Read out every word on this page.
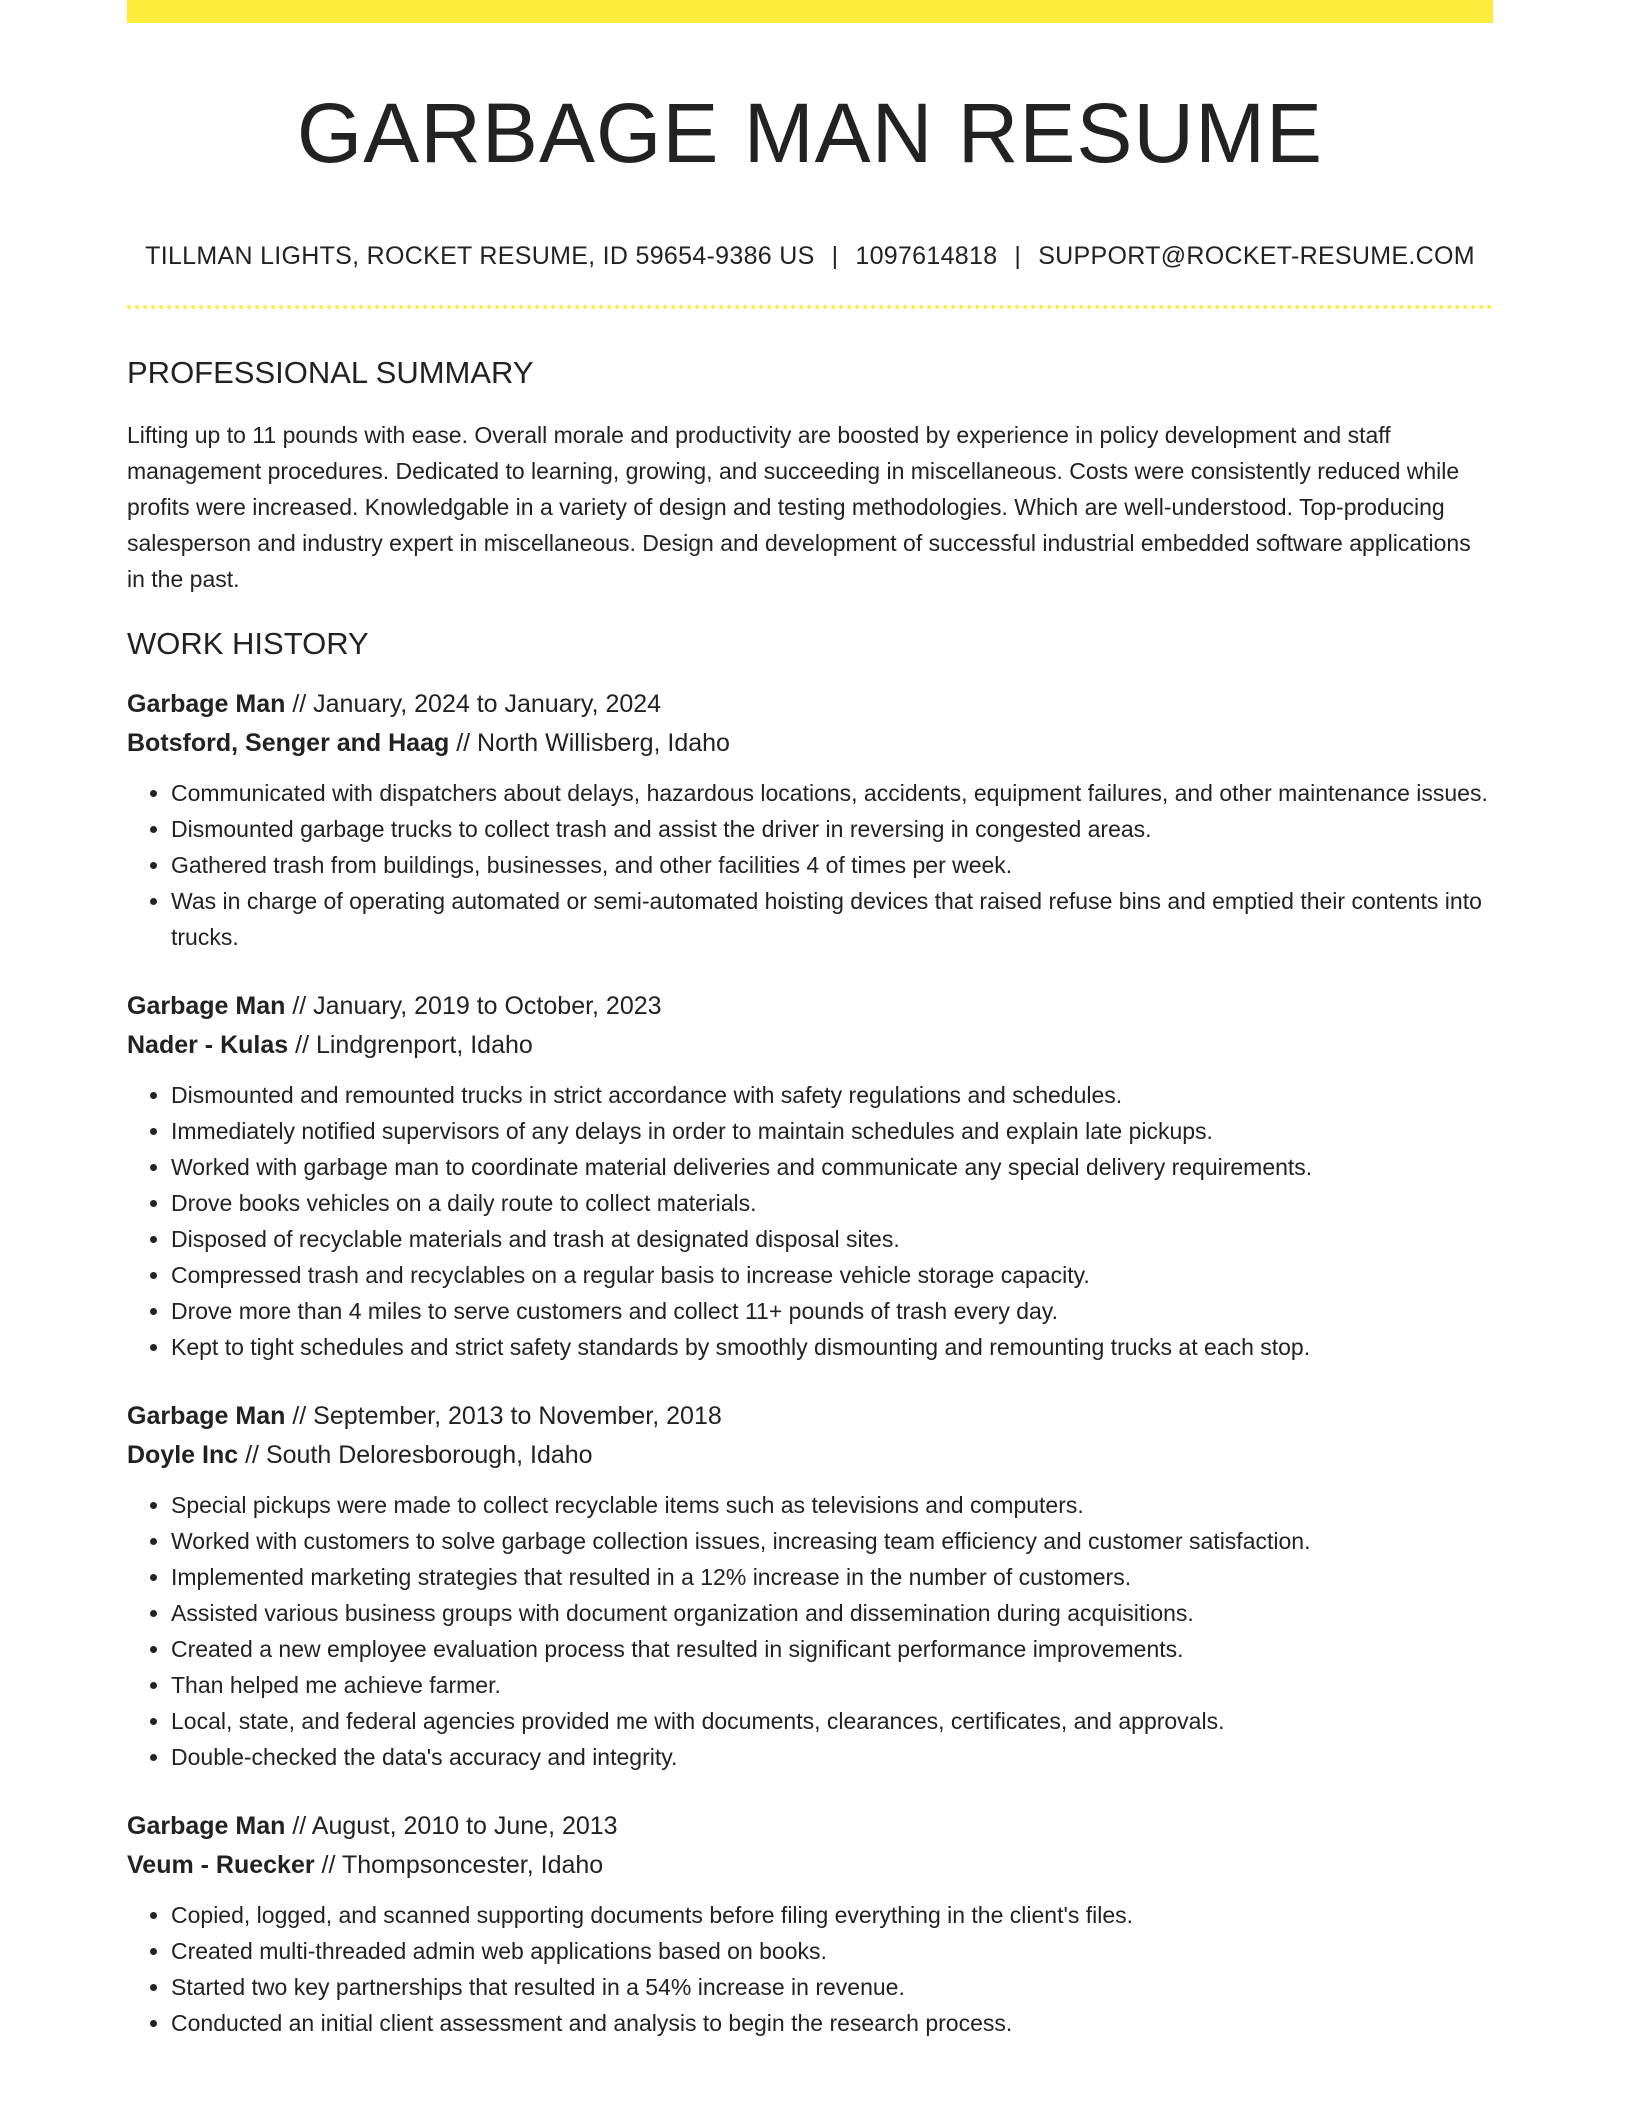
GARBAGE MAN RESUME
TILLMAN LIGHTS, ROCKET RESUME, ID 59654-9386 US | 1097614818 | SUPPORT@ROCKET-RESUME.COM
PROFESSIONAL SUMMARY
Lifting up to 11 pounds with ease. Overall morale and productivity are boosted by experience in policy development and staff management procedures. Dedicated to learning, growing, and succeeding in miscellaneous. Costs were consistently reduced while profits were increased. Knowledgable in a variety of design and testing methodologies. Which are well-understood. Top-producing salesperson and industry expert in miscellaneous. Design and development of successful industrial embedded software applications in the past.
WORK HISTORY
Garbage Man // January, 2024 to January, 2024
Botsford, Senger and Haag // North Willisberg, Idaho
• Communicated with dispatchers about delays, hazardous locations, accidents, equipment failures, and other maintenance issues.
• Dismounted garbage trucks to collect trash and assist the driver in reversing in congested areas.
• Gathered trash from buildings, businesses, and other facilities 4 of times per week.
• Was in charge of operating automated or semi-automated hoisting devices that raised refuse bins and emptied their contents into trucks.
Garbage Man // January, 2019 to October, 2023
Nader - Kulas // Lindgrenport, Idaho
• Dismounted and remounted trucks in strict accordance with safety regulations and schedules.
• Immediately notified supervisors of any delays in order to maintain schedules and explain late pickups.
• Worked with garbage man to coordinate material deliveries and communicate any special delivery requirements.
• Drove books vehicles on a daily route to collect materials.
• Disposed of recyclable materials and trash at designated disposal sites.
• Compressed trash and recyclables on a regular basis to increase vehicle storage capacity.
• Drove more than 4 miles to serve customers and collect 11+ pounds of trash every day.
• Kept to tight schedules and strict safety standards by smoothly dismounting and remounting trucks at each stop.
Garbage Man // September, 2013 to November, 2018
Doyle Inc // South Deloresborough, Idaho
• Special pickups were made to collect recyclable items such as televisions and computers.
• Worked with customers to solve garbage collection issues, increasing team efficiency and customer satisfaction.
• Implemented marketing strategies that resulted in a 12% increase in the number of customers.
• Assisted various business groups with document organization and dissemination during acquisitions.
• Created a new employee evaluation process that resulted in significant performance improvements.
• Than helped me achieve farmer.
• Local, state, and federal agencies provided me with documents, clearances, certificates, and approvals.
• Double-checked the data's accuracy and integrity.
Garbage Man // August, 2010 to June, 2013
Veum - Ruecker // Thompsoncester, Idaho
• Copied, logged, and scanned supporting documents before filing everything in the client's files.
• Created multi-threaded admin web applications based on books.
• Started two key partnerships that resulted in a 54% increase in revenue.
• Conducted an initial client assessment and analysis to begin the research process.
